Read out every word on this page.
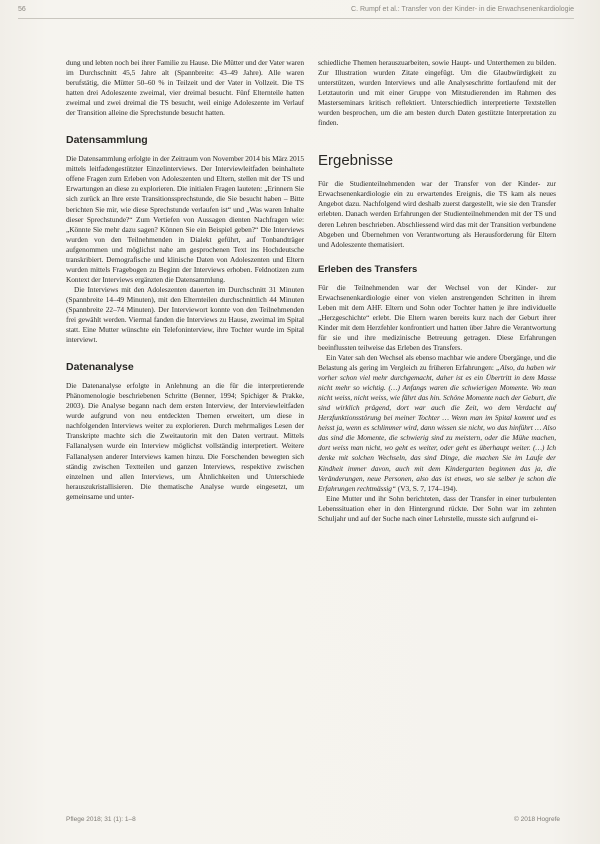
56	C. Rumpf et al.: Transfer von der Kinder- in die Erwachsenenkardiologie

dung und lebten noch bei ihrer Familie zu Hause. Die Mütter und der Vater waren im Durchschnitt 45,5 Jahre alt (Spannbreite: 43–49 Jahre). Alle waren berufstätig, die Mütter 50–60 % in Teilzeit und der Vater in Vollzeit. Die TS hatten drei Adoleszente zweimal, vier dreimal besucht. Fünf Elternteile hatten zweimal und zwei dreimal die TS besucht, weil einige Adoleszente im Verlauf der Transition alleine die Sprechstunde besucht hatten.

Datensammlung

Die Datensammlung erfolgte in der Zeitraum von November 2014 bis März 2015 mittels leitfadengestützter Einzelinterviews. Der Interviewleitfaden beinhaltete offene Fragen zum Erleben von Adoleszenten und Eltern, stellen mit der TS und Erwartungen an diese zu explorieren. Die initialen Fragen lauteten: „Erinnern Sie sich zurück an Ihre erste Transitionssprechstunde, die Sie besucht haben – Bitte berichten Sie mir, wie diese Sprechstunde verlaufen ist“ und „Was waren Inhalte dieser Sprechstunde?“ Zum Vertiefen von Aussagen dienten Nachfragen wie: „Könnte Sie mehr dazu sagen? Können Sie ein Beispiel geben?“ Die Interviews wurden von den Teilnehmenden in Dialekt geführt, auf Tonbandträger aufgenommen und möglichst nahe am gesprochenen Text ins Hochdeutsche transkribiert. Demografische und klinische Daten von Adoleszenten und Eltern wurden mittels Fragebogen zu Beginn der Interviews erhoben. Feldnotizen zum Kontext der Interviews ergänzten die Datensammlung.

Die Interviews mit den Adoleszenten dauerten im Durchschnitt 31 Minuten (Spannbreite 14–49 Minuten), mit den Elternteilen durchschnittlich 44 Minuten (Spannbreite 22–74 Minuten). Der Interviewort konnte von den Teilnehmenden frei gewählt werden. Viermal fanden die Interviews zu Hause, zweimal im Spital statt. Eine Mutter wünschte ein Telefoninterview, ihre Tochter wurde im Spital interviewt.

Datenanalyse

Die Datenanalyse erfolgte in Anlehnung an die für die interpretierende Phänomenologie beschriebenen Schritte (Benner, 1994; Spichiger & Prakke, 2003). Die Analyse begann nach dem ersten Interview, der Interviewleitfaden wurde aufgrund von neu entdeckten Themen erweitert, um diese in nachfolgenden Interviews weiter zu explorieren. Durch mehrmaliges Lesen der Transkripte machte sich die Zweitautorin mit den Daten vertraut. Mittels Fallanalysen wurde ein Interview möglichst vollständig interpretiert. Weitere Fallanalysen anderer Interviews kamen hinzu. Die Forschenden bewegten sich ständig zwischen Textteilen und ganzen Interviews, respektive zwischen einzelnen und allen Interviews, um Ähnlichkeiten und Unterschiede herauszukristallisieren. Die thematische Analyse wurde eingesetzt, um gemeinsame und unter-

schiedliche Themen herauszuarbeiten, sowie Haupt- und Unterthemen zu bilden. Zur Illustration wurden Zitate eingefügt. Um die Glaubwürdigkeit zu unterstützen, wurden Interviews und alle Analyseschritte fortlaufend mit der Letztautorin und mit einer Gruppe von Mitstudierenden im Rahmen des Masterseminars kritisch reflektiert. Unterschiedlich interpretierte Textstellen wurden besprochen, um die am besten durch Daten gestützte Interpretation zu finden.

Ergebnisse

Für die Studienteilnehmenden war der Transfer von der Kinder- zur Erwachsenenkardiologie ein zu erwartendes Ereignis, die TS kam als neues Angebot dazu. Nachfolgend wird deshalb zuerst dargestellt, wie sie den Transfer erlebten. Danach werden Erfahrungen der Studienteilnehmenden mit der TS und deren Lehren beschrieben. Abschliessend wird das mit der Transition verbundene Abgeben und Übernehmen von Verantwortung als Herausforderung für Eltern und Adoleszente thematisiert.

Erleben des Transfers

Für die Teilnehmenden war der Wechsel von der Kinder- zur Erwachsenenkardiologie einer von vielen anstrengenden Schritten in ihrem Leben mit dem AHF. Eltern und Sohn oder Tochter hatten je ihre individuelle „Herzgeschichte“ erlebt. Die Eltern waren bereits kurz nach der Geburt ihrer Kinder mit dem Herzfehler konfrontiert und hatten über Jahre die Verantwortung für sie und ihre medizinische Betreuung getragen. Diese Erfahrungen beeinflussten teilweise das Erleben des Transfers.

Ein Vater sah den Wechsel als ebenso machbar wie andere Übergänge, und die Belastung als gering im Vergleich zu früheren Erfahrungen: „Also, da haben wir vorher schon viel mehr durchgemacht, daher ist es ein Übertritt in dem Masse nicht mehr so wichtig. (…) Anfangs waren die schwierigen Momente. Wo man nicht weiss, nicht weiss, wie fährt das hin. Schöne Momente nach der Geburt, die sind wirklich prägend, dort war auch die Zeit, wo dem Verdacht auf Herzfunktionsstörung bei meiner Tochter … Wenn man im Spital kommt und es heisst ja, wenn es schlimmer wird, dann wissen sie nicht, wo das hinführt … Also das sind die Momente, die schwierig sind zu meistern, oder die Mühe machen, dort weiss man nicht, wo geht es weiter, oder geht es überhaupt weiter. (…) Ich denke mit solchen Wechseln, das sind Dinge, die machen Sie im Laufe der Kindheit immer davon, auch mit dem Kindergarten beginnen das ja, die Veränderungen, neue Personen, also das ist etwas, wo sie selber je schon die Erfahrungen rechtmässig“ (V3, S. 7, 174–194).

Eine Mutter und ihr Sohn berichteten, dass der Transfer in einer turbulenten Lebenssituation eher in den Hintergrund rückte. Der Sohn war im zehnten Schuljahr und auf der Suche nach einer Lehrstelle, musste sich aufgrund ei-

Pflege 2018; 31 (1): 1–8	© 2018 Hogrefe
